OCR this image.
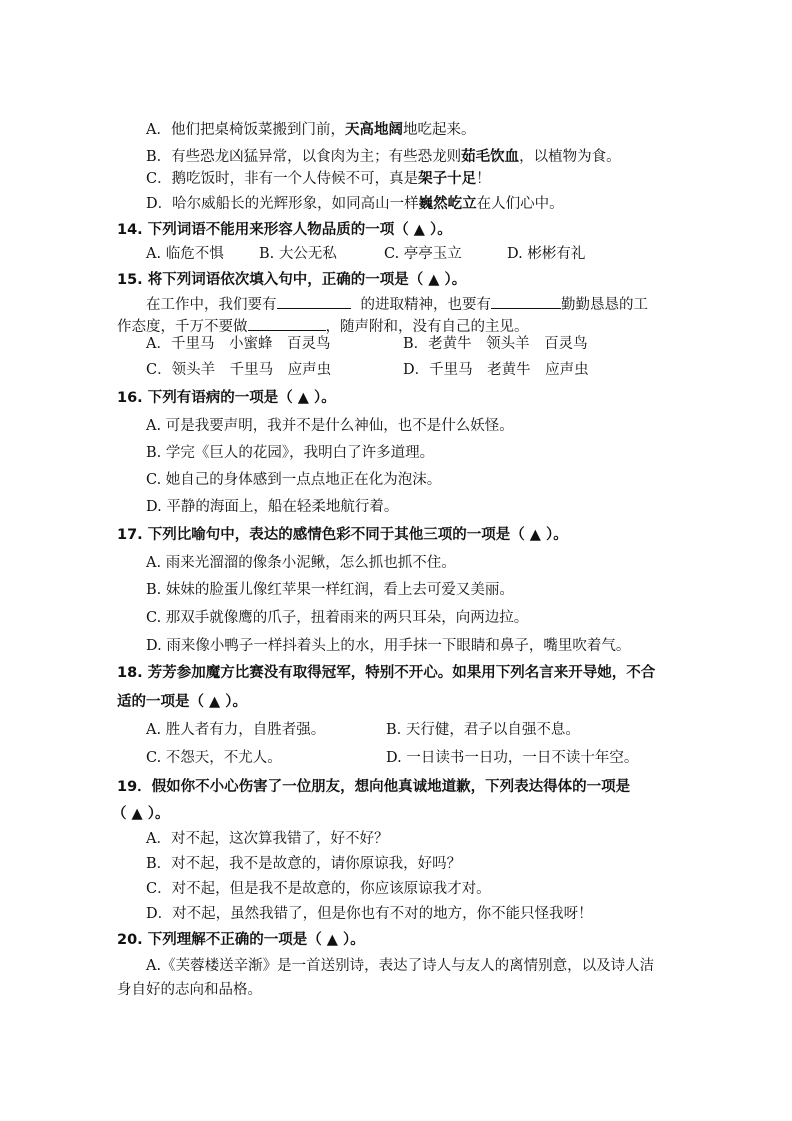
A．他们把桌椅饭菜搬到门前，天高地阔地吃起来。
B．有些恐龙凶猛异常，以食肉为主；有些恐龙则茹毛饮血，以植物为食。
C．鹅吃饭时，非有一个人侍候不可，真是架子十足！
D．哈尔威船长的光辉形象，如同高山一样巍然屹立在人们心中。
14. 下列词语不能用来形容人物品质的一项（ ▲ ）。
A. 临危不惧 B. 大公无私	C. 亭亭玉立	D. 彬彬有礼
15. 将下列词语依次填入句中，正确的一项是（ ▲ ）。
在工作中，我们要有	的进取精神，也要有	勤勤恳恳的工
作态度，千万不要做	，随声附和，没有自己的主见。
A．千里马　小蜜蜂　百灵鸟	B．老黄牛　领头羊　百灵鸟
C．领头羊　千里马　应声虫	D．千里马　老黄牛　应声虫
16. 下列有语病的一项是（ ▲ ）。
A. 可是我要声明，我并不是什么神仙，也不是什么妖怪。
B. 学完《巨人的花园》，我明白了许多道理。
C. 她自己的身体感到一点点地正在化为泡沫。
D. 平静的海面上，船在轻柔地航行着。
17. 下列比喻句中，表达的感情色彩不同于其他三项的一项是（ ▲ ）。
A. 雨来光溜溜的像条小泥鳅，怎么抓也抓不住。
B. 妹妹的脸蛋儿像红苹果一样红润，看上去可爱又美丽。
C. 那双手就像鹰的爪子，扭着雨来的两只耳朵，向两边拉。
D. 雨来像小鸭子一样抖着头上的水，用手抹一下眼睛和鼻子，嘴里吹着气。
18. 芳芳参加魔方比赛没有取得冠军，特别不开心。如果用下列名言来开导她，不合
适的一项是（ ▲ ）。
A. 胜人者有力，自胜者强。	B. 天行健，君子以自强不息。
C. 不怨天，不尤人。	D. 一日读书一日功，一日不读十年空。
19．假如你不小心伤害了一位朋友，想向他真诚地道歉，下列表达得体的一项是
（ ▲ ）。
A．对不起，这次算我错了，好不好？
B．对不起，我不是故意的，请你原谅我，好吗？
C．对不起，但是我不是故意的，你应该原谅我才对。
D．对不起，虽然我错了，但是你也有不对的地方，你不能只怪我呀！
20. 下列理解不正确的一项是（ ▲ ）。
A.《芙蓉楼送辛渐》是一首送别诗，表达了诗人与友人的离情别意，以及诗人洁
身自好的志向和品格。
